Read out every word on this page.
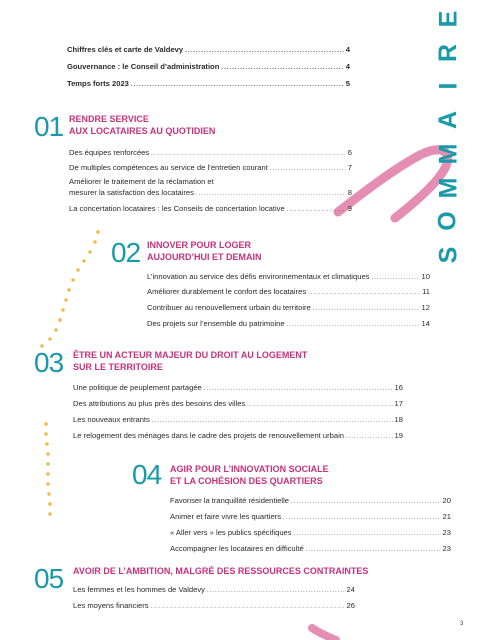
E
R
I
A
M
M
O
S
Chiffres clés et carte de Valdevy .....	4
Gouvernance : le Conseil d’administration .....	4
Temps forts 2023 .....	5
01 RENDRE SERVICE
AUX LOCATAIRES AU QUOTIDIEN
Des équipes renforcées .....	6
De multiples compétences au service de l’entretien courant .....	7
Améliorer le traitement de la réclamation et
mesurer la satisfaction des locataires .....	8
La concertation locataires : les Conseils de concertation locative .....	9
02 INNOVER POUR LOGER
AUJOURD’HUI ET DEMAIN
L’innovation au service des défis environnementaux et climatiques .....	10
Améliorer durablement le confort des locataires .....	11
Contribuer au renouvellement urbain du territoire .....	12
Des projets sur l’ensemble du patrimoine .....	14
03 ÊTRE UN ACTEUR MAJEUR DU DROIT AU LOGEMENT
SUR LE TERRITOIRE
Une politique de peuplement partagée .....	16
Des attributions au plus près des besoins des villes .....	17
Les nouveaux entrants .....	18
Le relogement des ménages dans le cadre des projets de renouvellement urbain .....	19
04 AGIR POUR L’INNOVATION SOCIALE
ET LA COHÉSION DES QUARTIERS
Favoriser la tranquillité résidentielle .....	20
Animer et faire vivre les quartiers .....	21
« Aller vers » les publics spécifiques .....	23
Accompagner les locataires en difficulté .....	23
05 AVOIR DE L’AMBITION, MALGRÉ DES RESSOURCES CONTRAINTES
Les femmes et les hommes de Valdevy .....	24
Les moyens financiers .....	26
3
